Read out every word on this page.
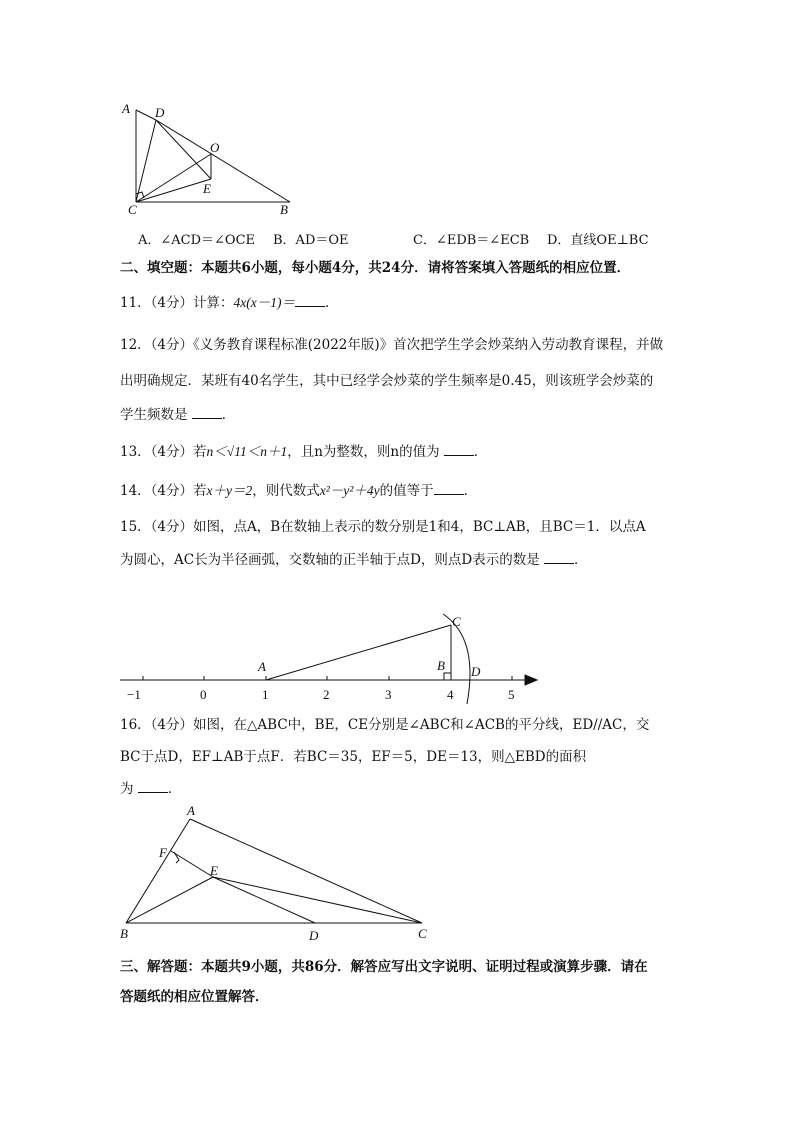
A D
O
E
C	B
A．∠ACD＝∠OCE B．AD＝OE	C．∠EDB＝∠ECB D．直线OE⊥BC
二、填空题：本题共6小题，每小题4分，共24分．请将答案填入答题纸的相应位置．
11．（4分）计算：4x(x－1)＝ ．
12．（4分）《义务教育课程标准(2022年版)》首次把学生学会炒菜纳入劳动教育课程，并做
出明确规定．某班有40名学生，其中已经学会炒菜的学生频率是0.45，则该班学会炒菜的
学生频数是	．
13．（4分）若n＜√11＜n＋1，且n为整数，则n的值为	．
14．（4分）若x＋y＝2，则代数式x²－y²＋4y的值等于 ．
15．（4分）如图，点A，B在数轴上表示的数分别是1和4，BC⊥AB，且BC＝1．以点A
为圆心，AC长为半径画弧，交数轴的正半轴于点D，则点D表示的数是	．
−1	0	1	2	3	4	5
A	B
C
D
16．（4分）如图，在△ABC中，BE，CE分别是∠ABC和∠ACB的平分线，ED//AC，交
BC于点D，EF⊥AB于点F．若BC＝35，EF＝5，DE＝13，则△EBD的面积
为	．
A
F
E
B	D	C
三、解答题：本题共9小题，共86分．解答应写出文字说明、证明过程或演算步骤．请在
答题纸的相应位置解答．
